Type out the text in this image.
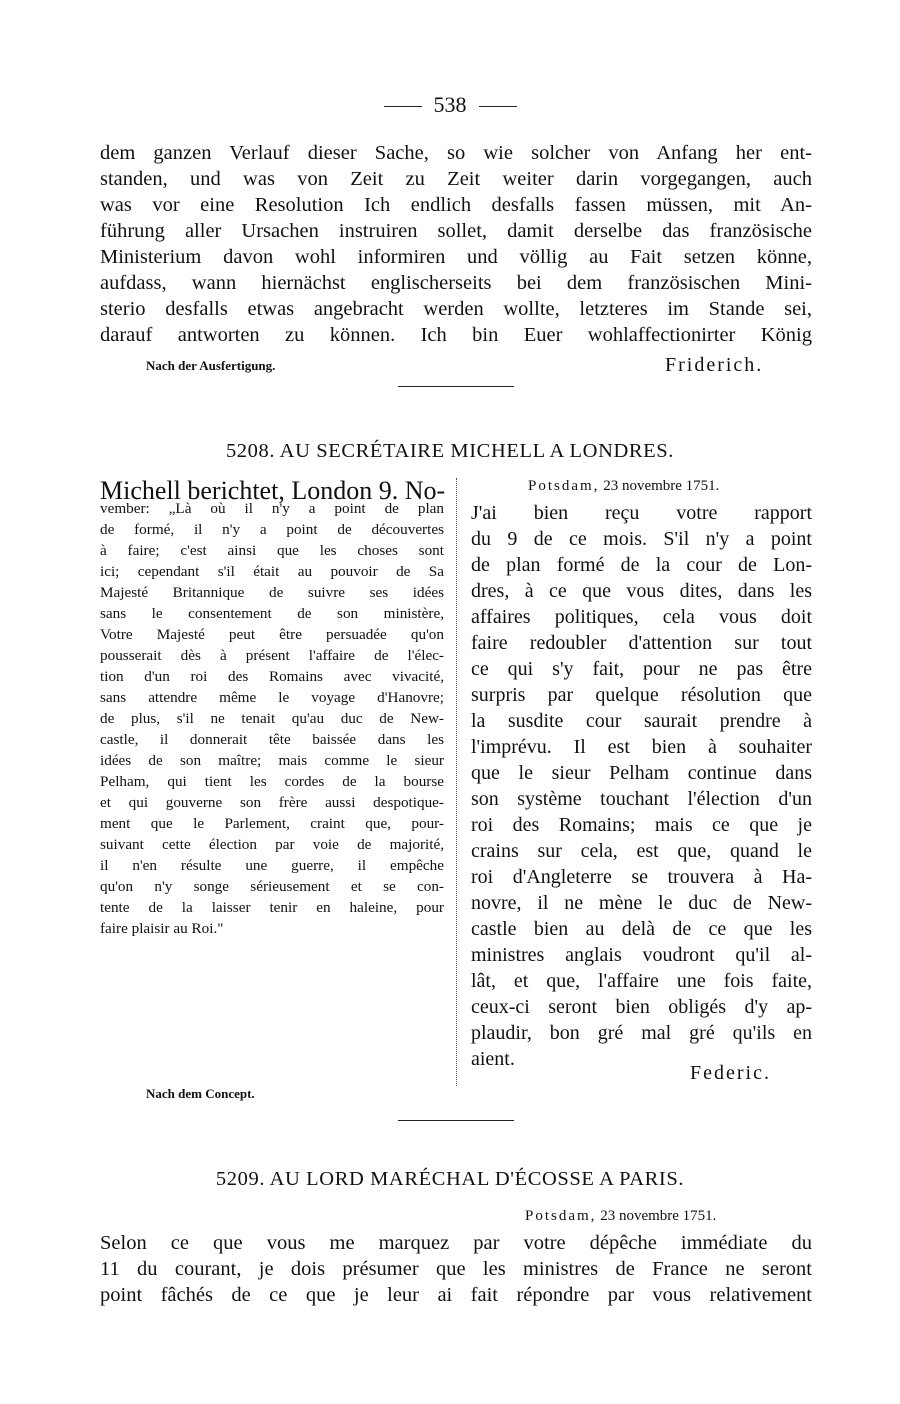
538
dem ganzen Verlauf dieser Sache, so wie solcher von Anfang her ent-
standen, und was von Zeit zu Zeit weiter darin vorgegangen, auch
was vor eine Resolution Ich endlich desfalls fassen müssen, mit An-
führung aller Ursachen instruiren sollet, damit derselbe das französische
Ministerium davon wohl informiren und völlig au Fait setzen könne,
aufdass, wann hiernächst englischerseits bei dem französischen Mini-
sterio desfalls etwas angebracht werden wollte, letzteres im Stande sei,
darauf antworten zu können. Ich bin Euer wohlaffectionirter König
Nach der Ausfertigung.	Friderich.
5208. AU SECRÉTAIRE MICHELL A LONDRES.
Michell berichtet, London 9. No-
vember: „Là où il n'y a point de plan
de formé, il n'y a point de découvertes
à faire; c'est ainsi que les choses sont
ici; cependant s'il était au pouvoir de Sa
Majesté Britannique de suivre ses idées
sans le consentement de son ministère,
Votre Majesté peut être persuadée qu'on
pousserait dès à présent l'affaire de l'élec-
tion d'un roi des Romains avec vivacité,
sans attendre même le voyage d'Hanovre;
de plus, s'il ne tenait qu'au duc de New-
castle, il donnerait tête baissée dans les
idées de son maître; mais comme le sieur
Pelham, qui tient les cordes de la bourse
et qui gouverne son frère aussi despotique-
ment que le Parlement, craint que, pour-
suivant cette élection par voie de majorité,
il n'en résulte une guerre, il empêche
qu'on n'y songe sérieusement et se con-
tente de la laisser tenir en haleine, pour
faire plaisir au Roi."
Potsdam, 23 novembre 1751.
J'ai bien reçu votre rapport
du 9 de ce mois. S'il n'y a point
de plan formé de la cour de Lon-
dres, à ce que vous dites, dans les
affaires politiques, cela vous doit
faire redoubler d'attention sur tout
ce qui s'y fait, pour ne pas être
surpris par quelque résolution que
la susdite cour saurait prendre à
l'imprévu. Il est bien à souhaiter
que le sieur Pelham continue dans
son système touchant l'élection d'un
roi des Romains; mais ce que je
crains sur cela, est que, quand le
roi d'Angleterre se trouvera à Ha-
novre, il ne mène le duc de New-
castle bien au delà de ce que les
ministres anglais voudront qu'il al-
lât, et que, l'affaire une fois faite,
ceux-ci seront bien obligés d'y ap-
plaudir, bon gré mal gré qu'ils en
aient.
Federic.
Nach dem Concept.
5209. AU LORD MARÉCHAL D'ÉCOSSE A PARIS.
Potsdam, 23 novembre 1751.
Selon ce que vous me marquez par votre dépêche immédiate du
11 du courant, je dois présumer que les ministres de France ne seront
point fâchés de ce que je leur ai fait répondre par vous relativement
